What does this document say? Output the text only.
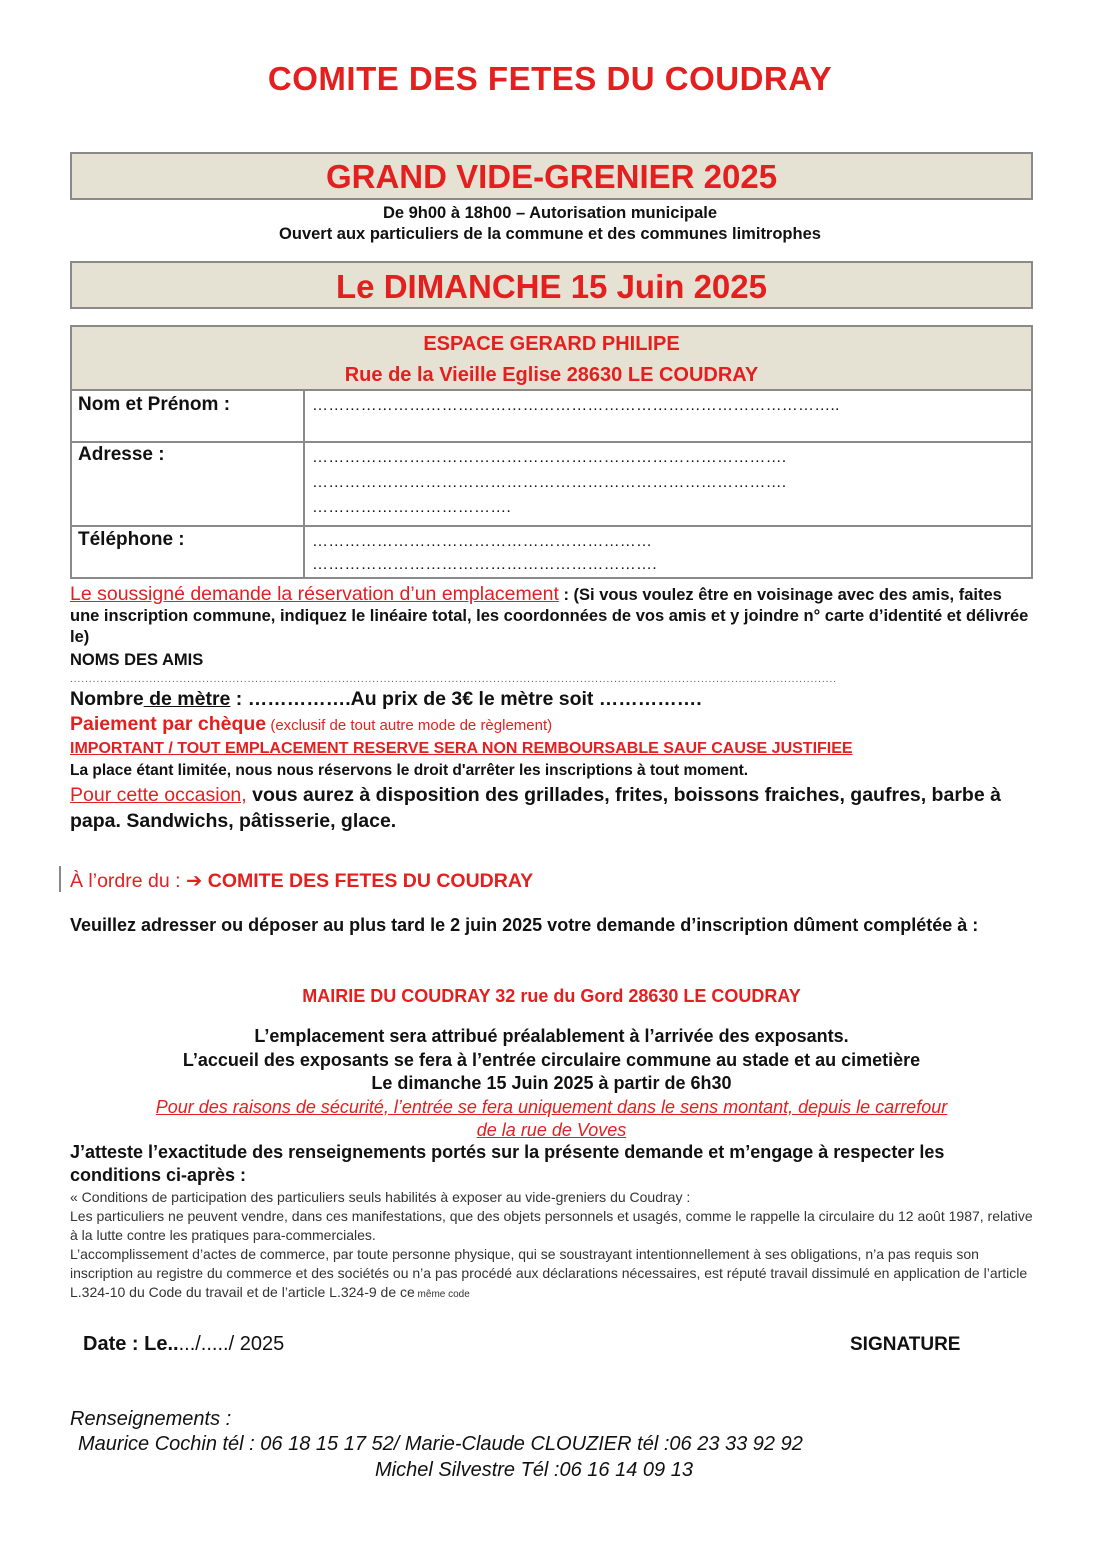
COMITE DES FETES DU COUDRAY
GRAND VIDE-GRENIER 2025
De 9h00 à 18h00 – Autorisation municipale
Ouvert aux particuliers de la commune et des communes limitrophes
Le DIMANCHE 15 Juin 2025
ESPACE GERARD PHILIPE
Rue de la Vieille Eglise 28630 LE COUDRAY
Nom et Prénom :	……………………………………………………………………………………..
Adresse :	…………………………………………………………………………….
…………………………………………………………………………….
……………………………….
Téléphone :	………………………………………………………
……………………………………………………….
Le soussigné demande la réservation d’un emplacement : (Si vous voulez être en voisinage avec des amis, faites une inscription commune, indiquez le linéaire total, les coordonnées de vos amis et y joindre n° carte d’identité et délivrée le)
NOMS DES AMIS
...........................................................................................................................................................................................................
Nombre de mètre : …………….Au prix de 3€ le mètre soit …………….
Paiement par chèque (exclusif de tout autre mode de règlement)
IMPORTANT / TOUT EMPLACEMENT RESERVE SERA NON REMBOURSABLE SAUF CAUSE JUSTIFIEE
La place étant limitée, nous nous réservons le droit d'arrêter les inscriptions à tout moment.
Pour cette occasion, vous aurez à disposition des grillades, frites, boissons fraiches, gaufres, barbe à papa. Sandwichs, pâtisserie, glace.
À l’ordre du : ➔ COMITE DES FETES DU COUDRAY
Veuillez adresser ou déposer au plus tard le 2 juin 2025 votre demande d’inscription dûment complétée à :
MAIRIE DU COUDRAY 32 rue du Gord 28630 LE COUDRAY
L’emplacement sera attribué préalablement à l’arrivée des exposants.
L’accueil des exposants se fera à l’entrée circulaire commune au stade et au cimetière
Le dimanche 15 Juin 2025 à partir de 6h30
Pour des raisons de sécurité, l’entrée se fera uniquement dans le sens montant, depuis le carrefour
de la rue de Voves
J’atteste l’exactitude des renseignements portés sur la présente demande et m’engage à respecter les conditions ci-après :
« Conditions de participation des particuliers seuls habilités à exposer au vide-greniers du Coudray :
Les particuliers ne peuvent vendre, dans ces manifestations, que des objets personnels et usagés, comme le rappelle la circulaire du 12 août 1987, relative à la lutte contre les pratiques para-commerciales.
L’accomplissement d’actes de commerce, par toute personne physique, qui se soustrayant intentionnellement à ses obligations, n’a pas requis son inscription au registre du commerce et des sociétés ou n’a pas procédé aux déclarations nécessaires, est réputé travail dissimulé en application de l’article L.324-10 du Code du travail et de l’article L.324-9 de ce même code
Date : Le...../...../ 2025	SIGNATURE
Renseignements :
Maurice Cochin tél : 06 18 15 17 52/ Marie-Claude CLOUZIER tél :06 23 33 92 92
Michel Silvestre Tél :06 16 14 09 13
